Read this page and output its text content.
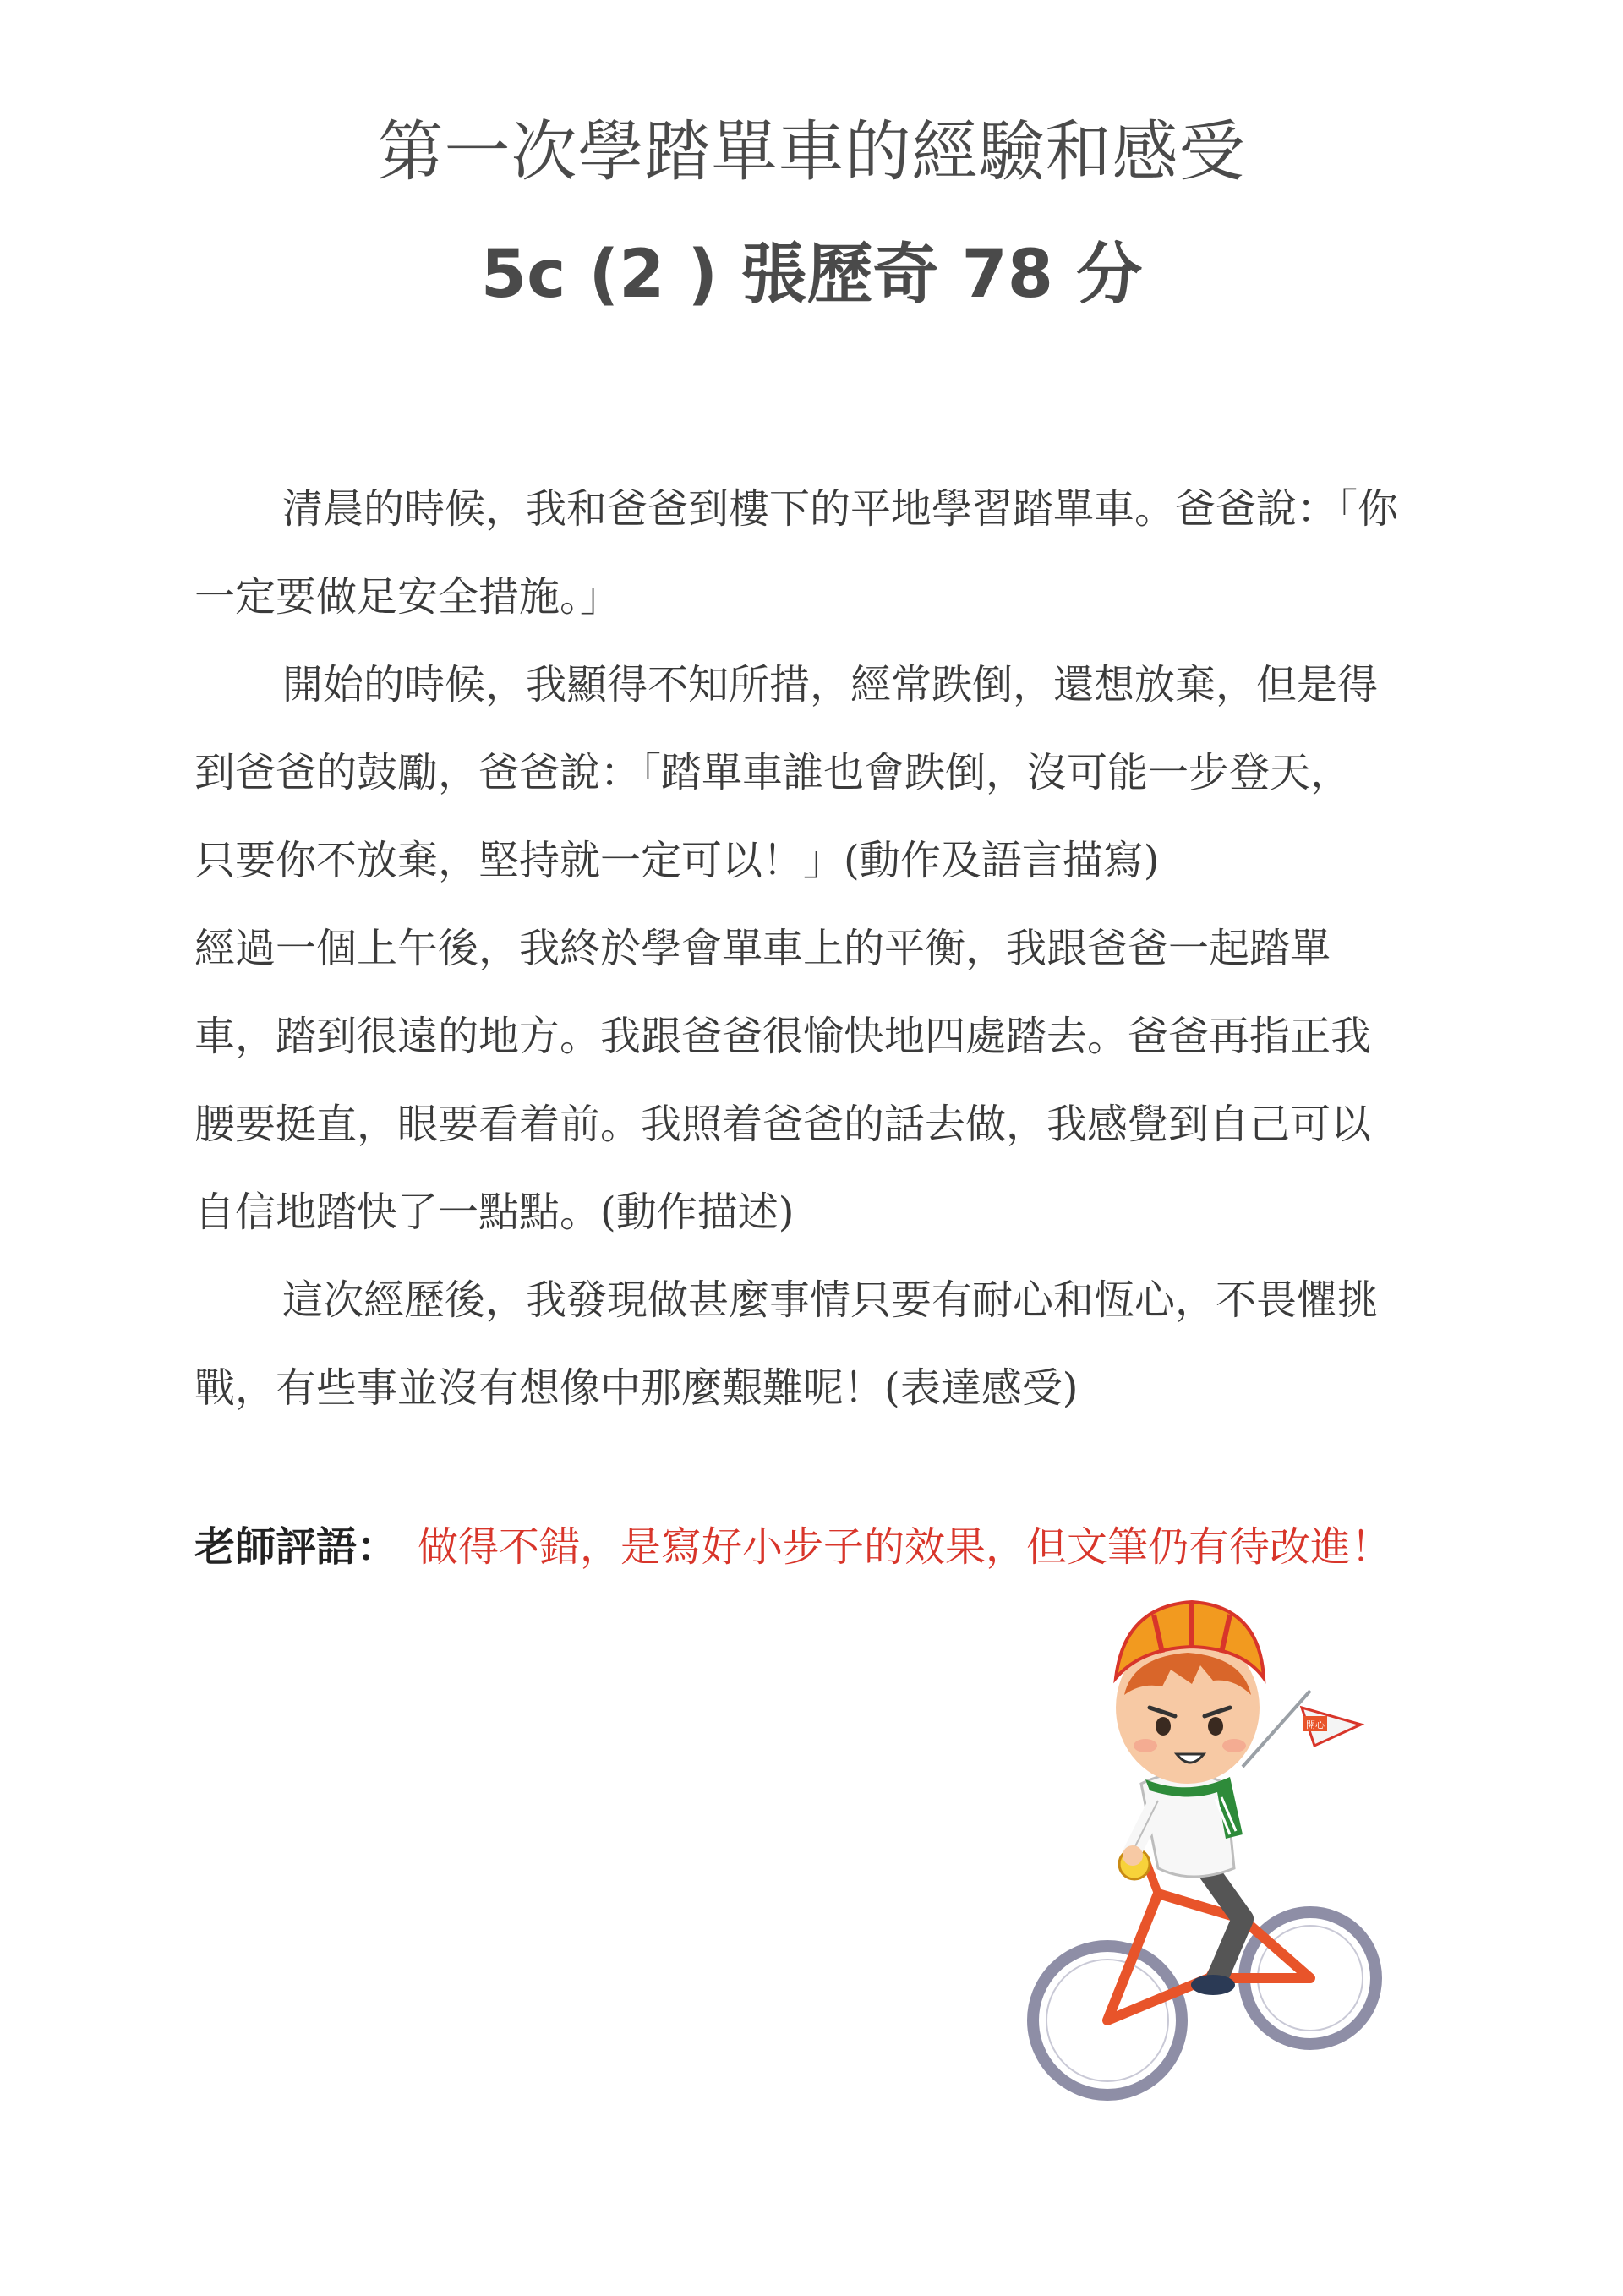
第一次學踏單車的經驗和感受
5c (2 ) 張歷奇 78 分
清晨的時候，我和爸爸到樓下的平地學習踏單車。爸爸說：「你
一定要做足安全措施。」
開始的時候，我顯得不知所措，經常跌倒，還想放棄，但是得
到爸爸的鼓勵，爸爸說：「踏單車誰也會跌倒，沒可能一步登天，
只要你不放棄，堅持就一定可以！」(動作及語言描寫)
經過一個上午後，我終於學會單車上的平衡，我跟爸爸一起踏單
車，踏到很遠的地方。我跟爸爸很愉快地四處踏去。爸爸再指正我
腰要挺直，眼要看着前。我照着爸爸的話去做，我感覺到自己可以
自信地踏快了一點點。(動作描述)
這次經歷後，我發現做甚麼事情只要有耐心和恆心，不畏懼挑
戰，有些事並沒有想像中那麼艱難呢！(表達感受)
老師評語： 做得不錯，是寫好小步子的效果，但文筆仍有待改進！
開心
